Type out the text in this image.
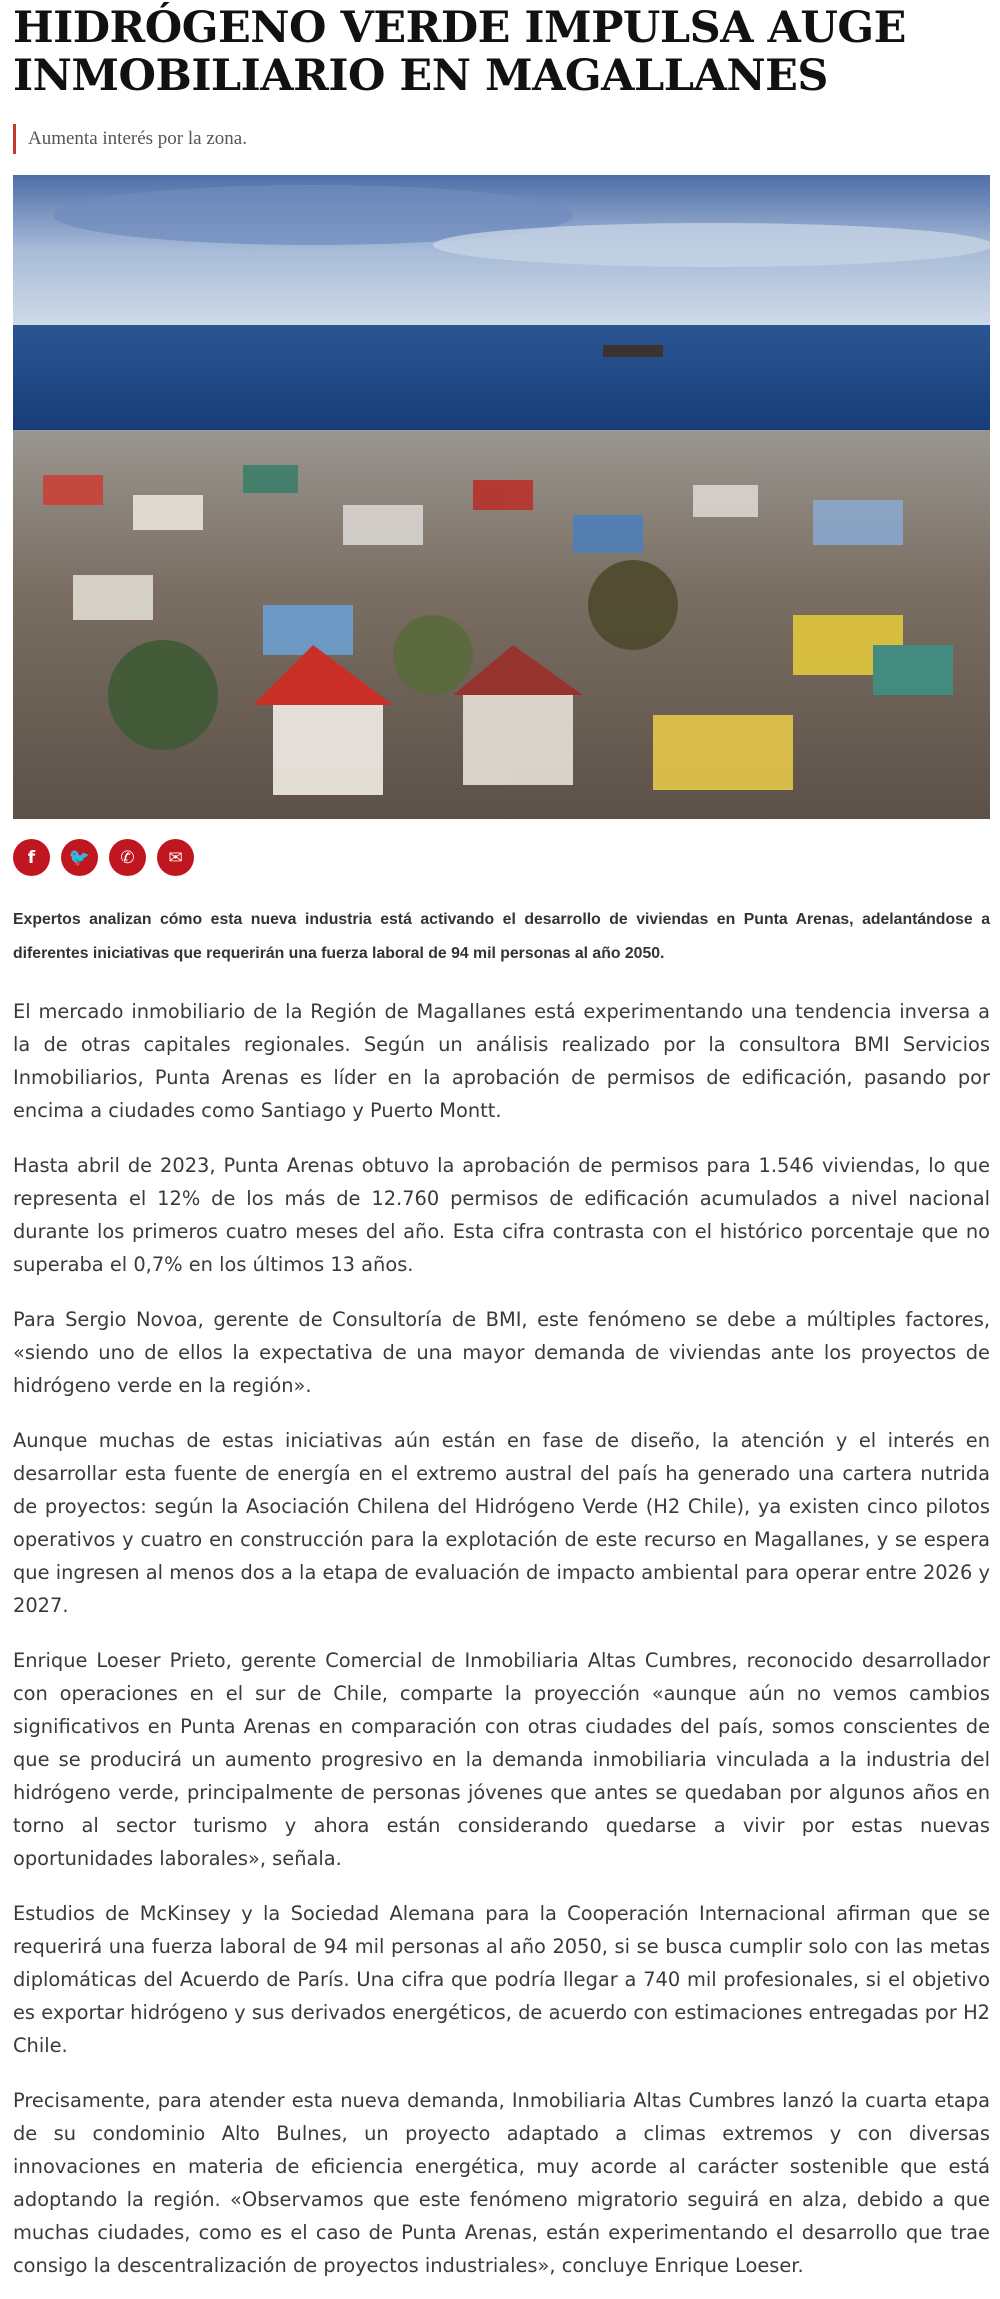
HIDRÓGENO VERDE IMPULSA AUGE INMOBILIARIO EN MAGALLANES
Aumenta interés por la zona.
f 🐦 ✆ ✉

Expertos analizan cómo esta nueva industria está activando el desarrollo de viviendas en Punta Arenas, adelantándose a diferentes iniciativas que requerirán una fuerza laboral de 94 mil personas al año 2050.

El mercado inmobiliario de la Región de Magallanes está experimentando una tendencia inversa a la de otras capitales regionales. Según un análisis realizado por la consultora BMI Servicios Inmobiliarios, Punta Arenas es líder en la aprobación de permisos de edificación, pasando por encima a ciudades como Santiago y Puerto Montt.

Hasta abril de 2023, Punta Arenas obtuvo la aprobación de permisos para 1.546 viviendas, lo que representa el 12% de los más de 12.760 permisos de edificación acumulados a nivel nacional durante los primeros cuatro meses del año. Esta cifra contrasta con el histórico porcentaje que no superaba el 0,7% en los últimos 13 años.

Para Sergio Novoa, gerente de Consultoría de BMI, este fenómeno se debe a múltiples factores, «siendo uno de ellos la expectativa de una mayor demanda de viviendas ante los proyectos de hidrógeno verde en la región».

Aunque muchas de estas iniciativas aún están en fase de diseño, la atención y el interés en desarrollar esta fuente de energía en el extremo austral del país ha generado una cartera nutrida de proyectos: según la Asociación Chilena del Hidrógeno Verde (H2 Chile), ya existen cinco pilotos operativos y cuatro en construcción para la explotación de este recurso en Magallanes, y se espera que ingresen al menos dos a la etapa de evaluación de impacto ambiental para operar entre 2026 y 2027.

Enrique Loeser Prieto, gerente Comercial de Inmobiliaria Altas Cumbres, reconocido desarrollador con operaciones en el sur de Chile, comparte la proyección «aunque aún no vemos cambios significativos en Punta Arenas en comparación con otras ciudades del país, somos conscientes de que se producirá un aumento progresivo en la demanda inmobiliaria vinculada a la industria del hidrógeno verde, principalmente de personas jóvenes que antes se quedaban por algunos años en torno al sector turismo y ahora están considerando quedarse a vivir por estas nuevas oportunidades laborales», señala.

Estudios de McKinsey y la Sociedad Alemana para la Cooperación Internacional afirman que se requerirá una fuerza laboral de 94 mil personas al año 2050, si se busca cumplir solo con las metas diplomáticas del Acuerdo de París. Una cifra que podría llegar a 740 mil profesionales, si el objetivo es exportar hidrógeno y sus derivados energéticos, de acuerdo con estimaciones entregadas por H2 Chile.

Precisamente, para atender esta nueva demanda, Inmobiliaria Altas Cumbres lanzó la cuarta etapa de su condominio Alto Bulnes, un proyecto adaptado a climas extremos y con diversas innovaciones en materia de eficiencia energética, muy acorde al carácter sostenible que está adoptando la región. «Observamos que este fenómeno migratorio seguirá en alza, debido a que muchas ciudades, como es el caso de Punta Arenas, están experimentando el desarrollo que trae consigo la descentralización de proyectos industriales», concluye Enrique Loeser.
